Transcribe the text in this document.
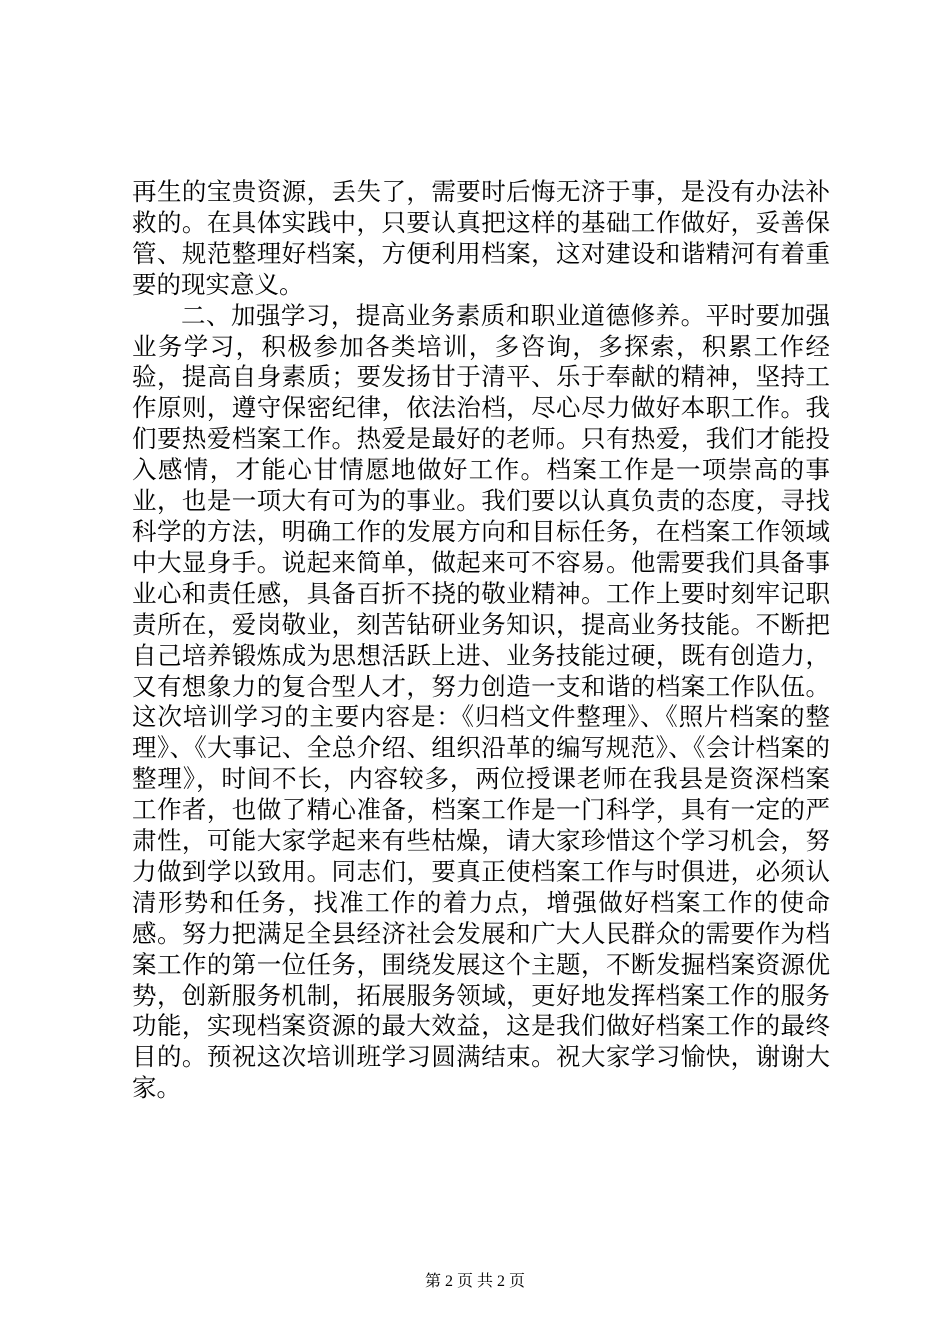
再生的宝贵资源，丢失了，需要时后悔无济于事，是没有办法补救的。在具体实践中，只要认真把这样的基础工作做好，妥善保管、规范整理好档案，方便利用档案，这对建设和谐精河有着重要的现实意义。

二、加强学习，提高业务素质和职业道德修养。平时要加强业务学习，积极参加各类培训，多咨询，多探索，积累工作经验，提高自身素质；要发扬甘于清平、乐于奉献的精神，坚持工作原则，遵守保密纪律，依法治档，尽心尽力做好本职工作。我们要热爱档案工作。热爱是最好的老师。只有热爱，我们才能投入感情，才能心甘情愿地做好工作。档案工作是一项崇高的事业，也是一项大有可为的事业。我们要以认真负责的态度，寻找科学的方法，明确工作的发展方向和目标任务，在档案工作领域中大显身手。说起来简单，做起来可不容易。他需要我们具备事业心和责任感，具备百折不挠的敬业精神。工作上要时刻牢记职责所在，爱岗敬业，刻苦钻研业务知识，提高业务技能。不断把自己培养锻炼成为思想活跃上进、业务技能过硬，既有创造力，又有想象力的复合型人才，努力创造一支和谐的档案工作队伍。这次培训学习的主要内容是：《归档文件整理》、《照片档案的整理》、《大事记、全总介绍、组织沿革的编写规范》、《会计档案的整理》，时间不长，内容较多，两位授课老师在我县是资深档案工作者，也做了精心准备，档案工作是一门科学，具有一定的严肃性，可能大家学起来有些枯燥，请大家珍惜这个学习机会，努力做到学以致用。同志们，要真正使档案工作与时俱进，必须认清形势和任务，找准工作的着力点，增强做好档案工作的使命感。努力把满足全县经济社会发展和广大人民群众的需要作为档案工作的第一位任务，围绕发展这个主题，不断发掘档案资源优势，创新服务机制，拓展服务领域，更好地发挥档案工作的服务功能，实现档案资源的最大效益，这是我们做好档案工作的最终目的。预祝这次培训班学习圆满结束。祝大家学习愉快，谢谢大家。

第 2 页 共 2 页
